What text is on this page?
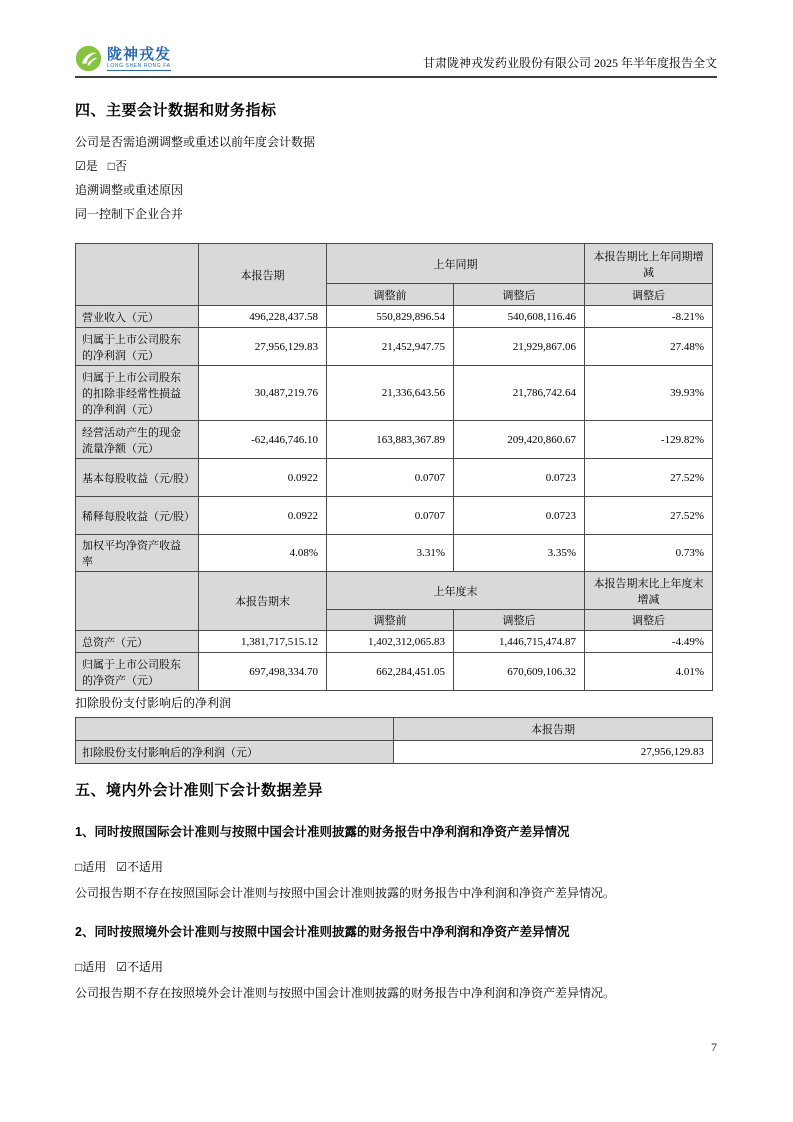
陇神戎发
LONG SHEN RONG FA	甘肃陇神戎发药业股份有限公司 2025 年半年度报告全文
四、主要会计数据和财务指标
公司是否需追溯调整或重述以前年度会计数据
☑是 □否
追溯调整或重述原因
同一控制下企业合并
	本报告期	上年同期		本报告期比上年同期增减
		调整前	调整后	调整后
营业收入（元）	496,228,437.58	550,829,896.54	540,608,116.46	-8.21%
归属于上市公司股东的净利润（元）	27,956,129.83	21,452,947.75	21,929,867.06	27.48%
归属于上市公司股东的扣除非经常性损益的净利润（元）	30,487,219.76	21,336,643.56	21,786,742.64	39.93%
经营活动产生的现金流量净额（元）	-62,446,746.10	163,883,367.89	209,420,860.67	-129.82%
基本每股收益（元/股）	0.0922	0.0707	0.0723	27.52%
稀释每股收益（元/股）	0.0922	0.0707	0.0723	27.52%
加权平均净资产收益率	4.08%	3.31%	3.35%	0.73%
	本报告期末	上年度末		本报告期末比上年度末增减
		调整前	调整后	调整后
总资产（元）	1,381,717,515.12	1,402,312,065.83	1,446,715,474.87	-4.49%
归属于上市公司股东的净资产（元）	697,498,334.70	662,284,451.05	670,609,106.32	4.01%
扣除股份支付影响后的净利润
	本报告期
扣除股份支付影响后的净利润（元）	27,956,129.83
五、境内外会计准则下会计数据差异
1、同时按照国际会计准则与按照中国会计准则披露的财务报告中净利润和净资产差异情况
□适用 ☑不适用
公司报告期不存在按照国际会计准则与按照中国会计准则披露的财务报告中净利润和净资产差异情况。
2、同时按照境外会计准则与按照中国会计准则披露的财务报告中净利润和净资产差异情况
□适用 ☑不适用
公司报告期不存在按照境外会计准则与按照中国会计准则披露的财务报告中净利润和净资产差异情况。
7
